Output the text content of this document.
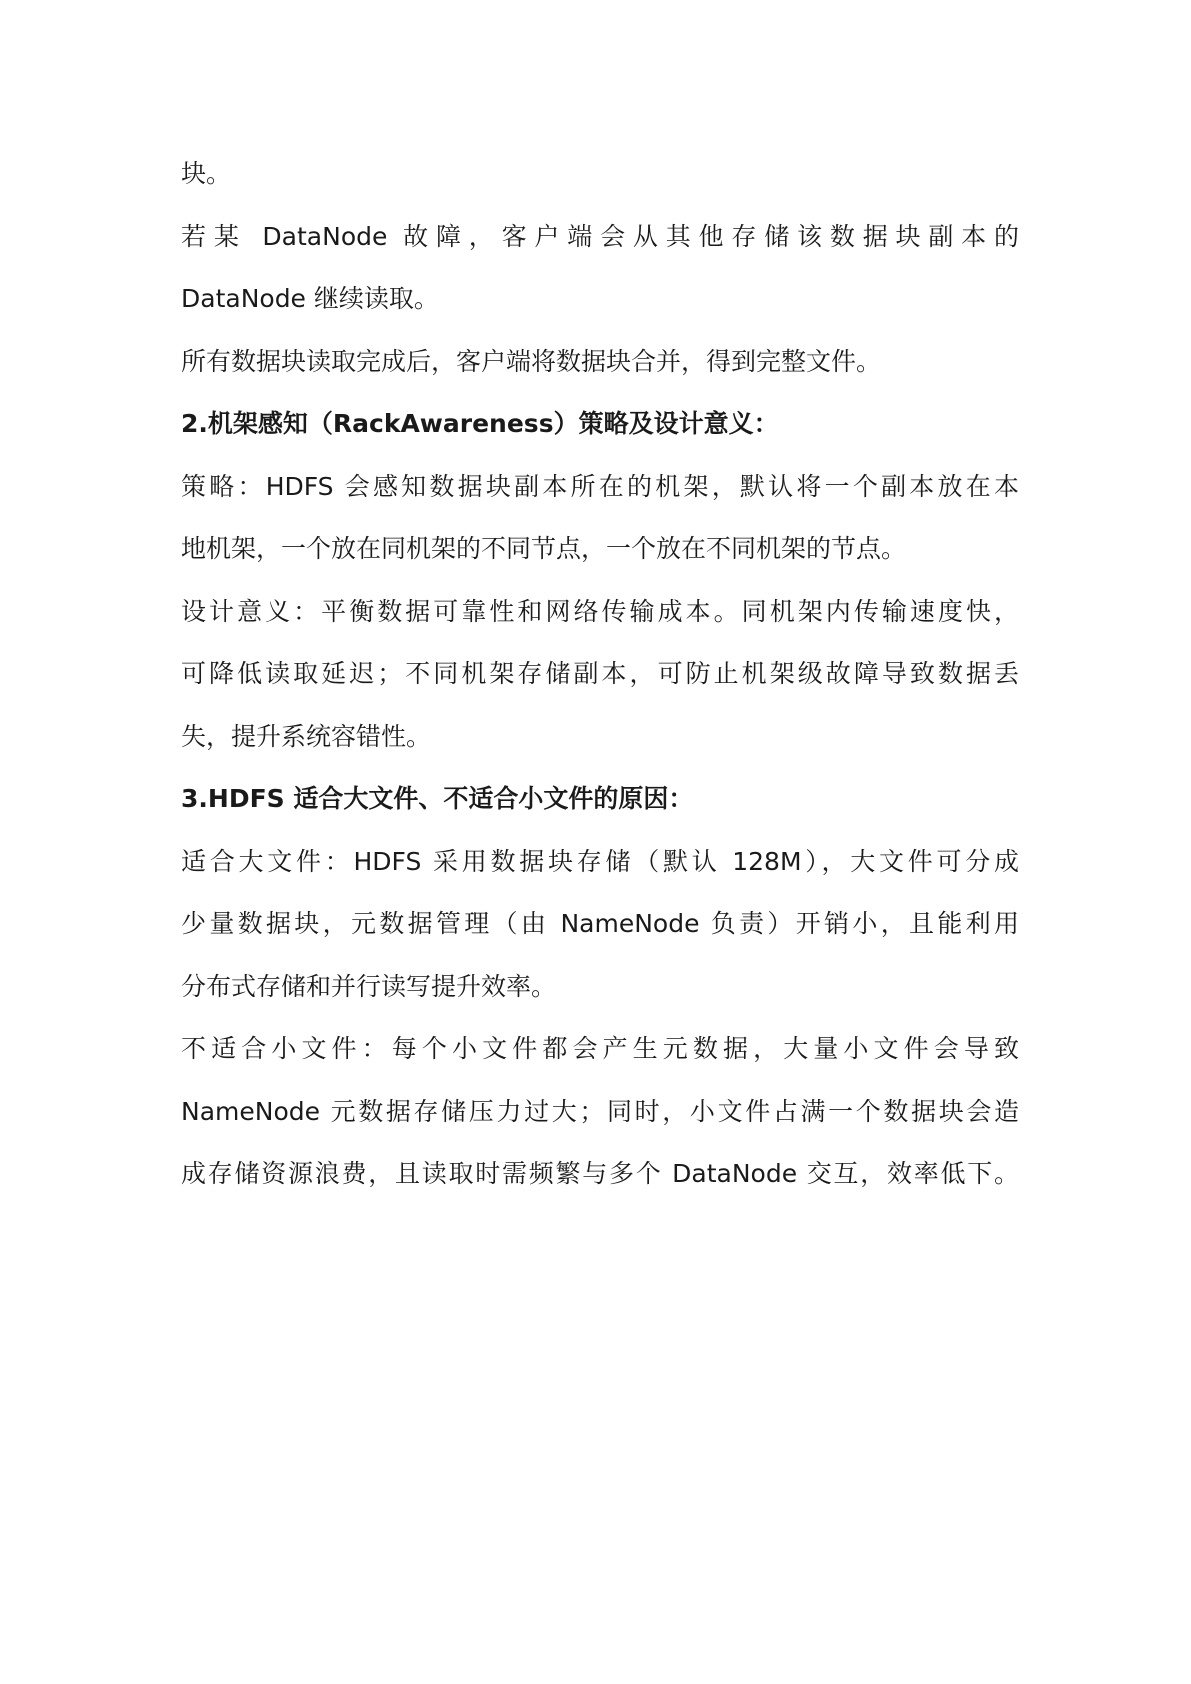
块。
若某 DataNode 故障，客户端会从其他存储该数据块副本的
DataNode 继续读取。
所有数据块读取完成后，客户端将数据块合并，得到完整文件。
2.机架感知（RackAwareness）策略及设计意义：
策略：HDFS 会感知数据块副本所在的机架，默认将一个副本放在本
地机架，一个放在同机架的不同节点，一个放在不同机架的节点。
设计意义：平衡数据可靠性和网络传输成本。同机架内传输速度快，
可降低读取延迟；不同机架存储副本，可防止机架级故障导致数据丢
失，提升系统容错性。
3.HDFS 适合大文件、不适合小文件的原因：
适合大文件：HDFS 采用数据块存储（默认 128M），大文件可分成
少量数据块，元数据管理（由 NameNode 负责）开销小，且能利用
分布式存储和并行读写提升效率。
不适合小文件：每个小文件都会产生元数据，大量小文件会导致
NameNode 元数据存储压力过大；同时，小文件占满一个数据块会造
成存储资源浪费，且读取时需频繁与多个 DataNode 交互，效率低下。
